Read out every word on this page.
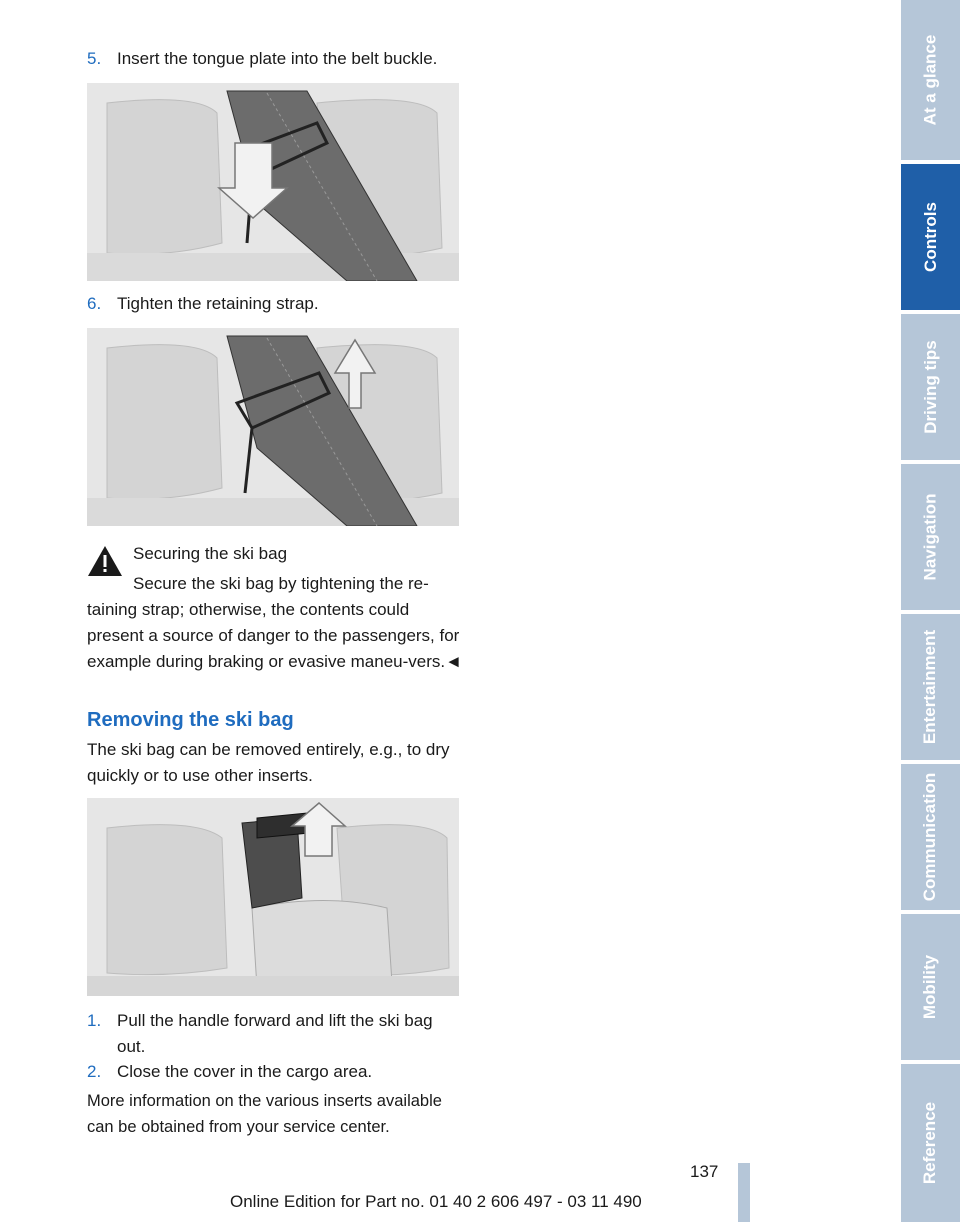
5. Insert the tongue plate into the belt buckle.
6. Tighten the retaining strap.
Securing the ski bag
Secure the ski bag by tightening the re-
taining strap; otherwise, the contents could present a source of danger to the passengers, for example during braking or evasive maneu-vers.◄
Removing the ski bag
The ski bag can be removed entirely, e.g., to dry quickly or to use other inserts.
1. Pull the handle forward and lift the ski bag out.
2. Close the cover in the cargo area.
More information on the various inserts available can be obtained from your service center.
137
Online Edition for Part no. 01 40 2 606 497 - 03 11 490
At a glance
Controls
Driving tips
Navigation
Entertainment
Communication
Mobility
Reference
